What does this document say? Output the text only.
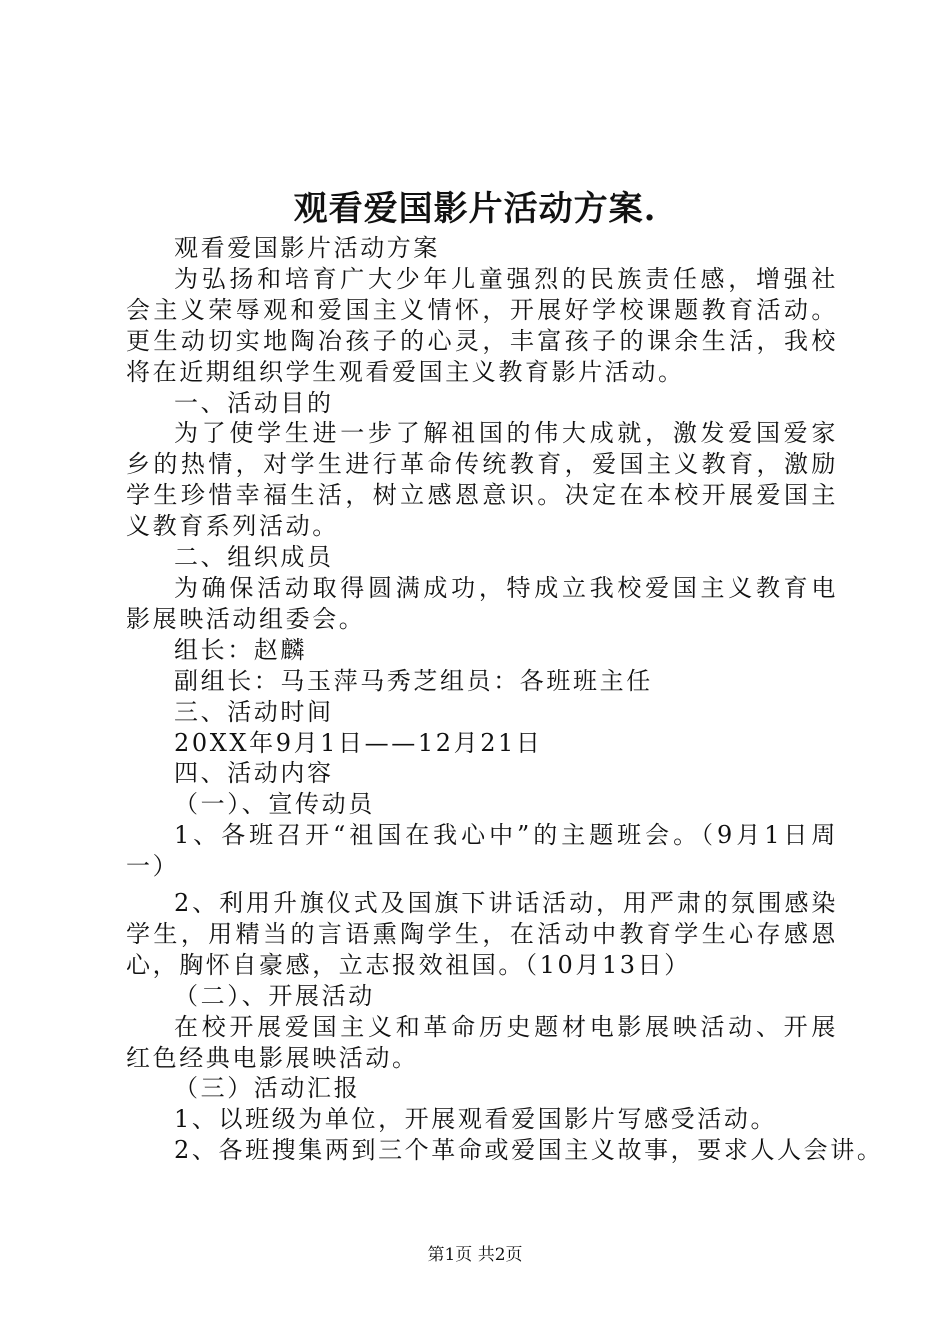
观看爱国影片活动方案.

观看爱国影片活动方案

为弘扬和培育广大少年儿童强烈的民族责任感，增强社会主义荣辱观和爱国主义情怀，开展好学校课题教育活动。更生动切实地陶冶孩子的心灵，丰富孩子的课余生活，我校将在近期组织学生观看爱国主义教育影片活动。

一、活动目的

为了使学生进一步了解祖国的伟大成就，激发爱国爱家乡的热情，对学生进行革命传统教育，爱国主义教育，激励学生珍惜幸福生活，树立感恩意识。决定在本校开展爱国主义教育系列活动。

二、组织成员

为确保活动取得圆满成功，特成立我校爱国主义教育电影展映活动组委会。

组长：赵麟

副组长：马玉萍马秀芝组员：各班班主任

三、活动时间

20XX年9月1日——12月21日

四、活动内容

（一）、宣传动员

1、各班召开“祖国在我心中”的主题班会。（9月1日周一）

2、利用升旗仪式及国旗下讲话活动，用严肃的氛围感染学生，用精当的言语熏陶学生，在活动中教育学生心存感恩心，胸怀自豪感，立志报效祖国。（10月13日）

（二）、开展活动

在校开展爱国主义和革命历史题材电影展映活动、开展红色经典电影展映活动。

（三）活动汇报

1、以班级为单位，开展观看爱国影片写感受活动。

2、各班搜集两到三个革命或爱国主义故事，要求人人会讲。

第1页 共2页
